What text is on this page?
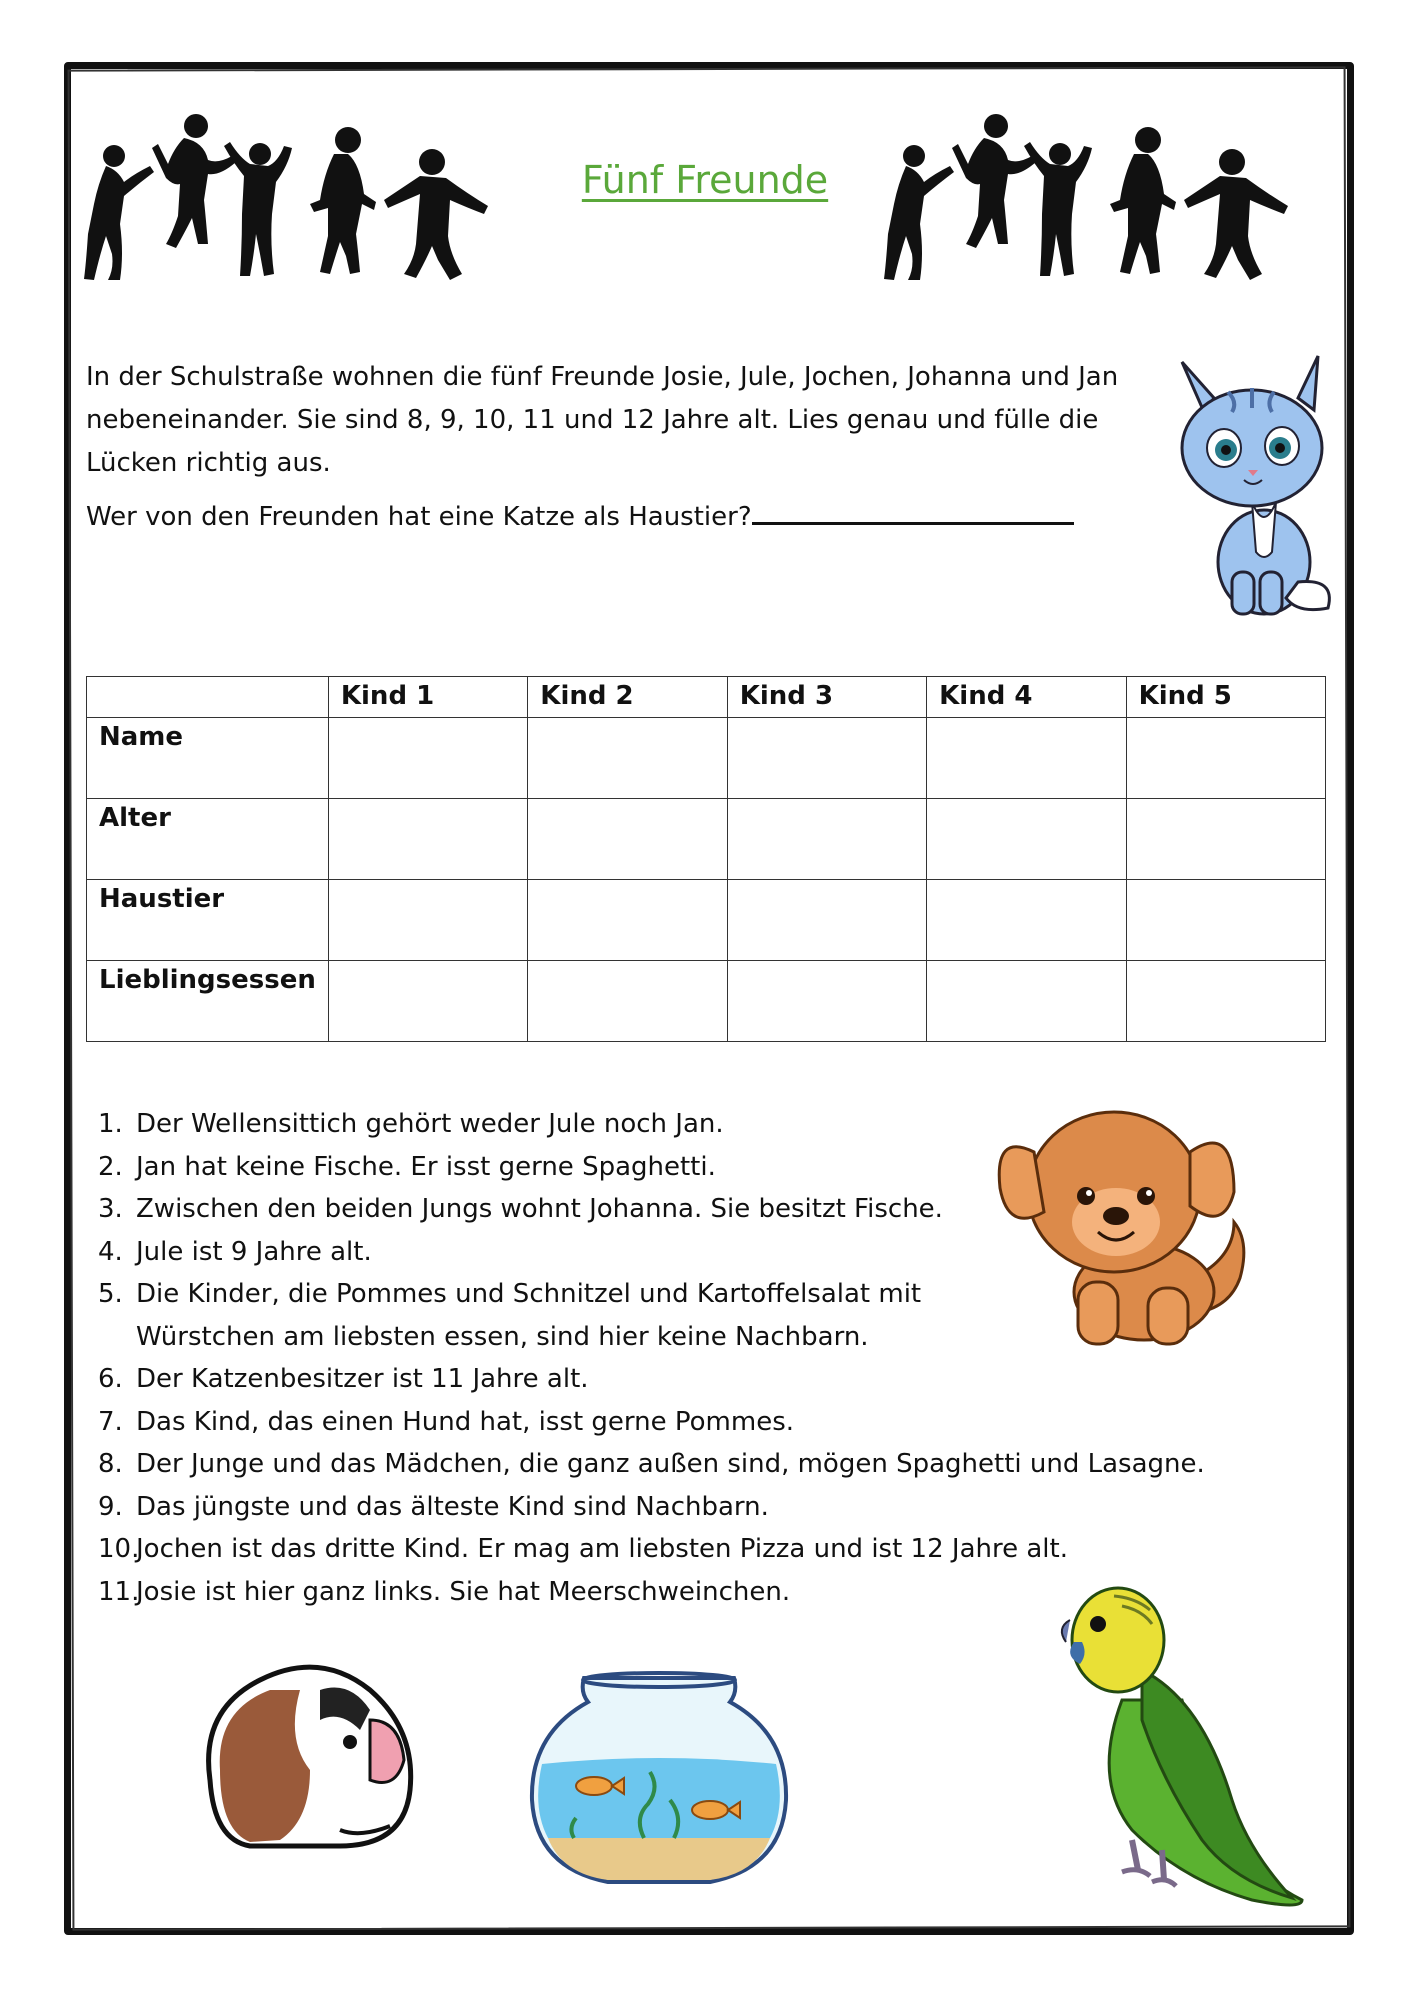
Fünf Freunde
In der Schulstraße wohnen die fünf Freunde Josie, Jule, Jochen, Johanna und Jan nebeneinander. Sie sind 8, 9, 10, 11 und 12 Jahre alt. Lies genau und fülle die Lücken richtig aus.
Wer von den Freunden hat eine Katze als Haustier?
	Kind 1	Kind 2	Kind 3	Kind 4	Kind 5
Name					
Alter					
Haustier					
Lieblingsessen					
1. Der Wellensittich gehört weder Jule noch Jan.
2. Jan hat keine Fische. Er isst gerne Spaghetti.
3. Zwischen den beiden Jungs wohnt Johanna. Sie besitzt Fische.
4. Jule ist 9 Jahre alt.
5. Die Kinder, die Pommes und Schnitzel und Kartoffelsalat mit Würstchen am liebsten essen, sind hier keine Nachbarn.
6. Der Katzenbesitzer ist 11 Jahre alt.
7. Das Kind, das einen Hund hat, isst gerne Pommes.
8. Der Junge und das Mädchen, die ganz außen sind, mögen Spaghetti und Lasagne.
9. Das jüngste und das älteste Kind sind Nachbarn.
10.
Jochen ist das dritte Kind. Er mag am liebsten Pizza und ist 12 Jahre alt.
11.
Josie ist hier ganz links. Sie hat Meerschweinchen.
